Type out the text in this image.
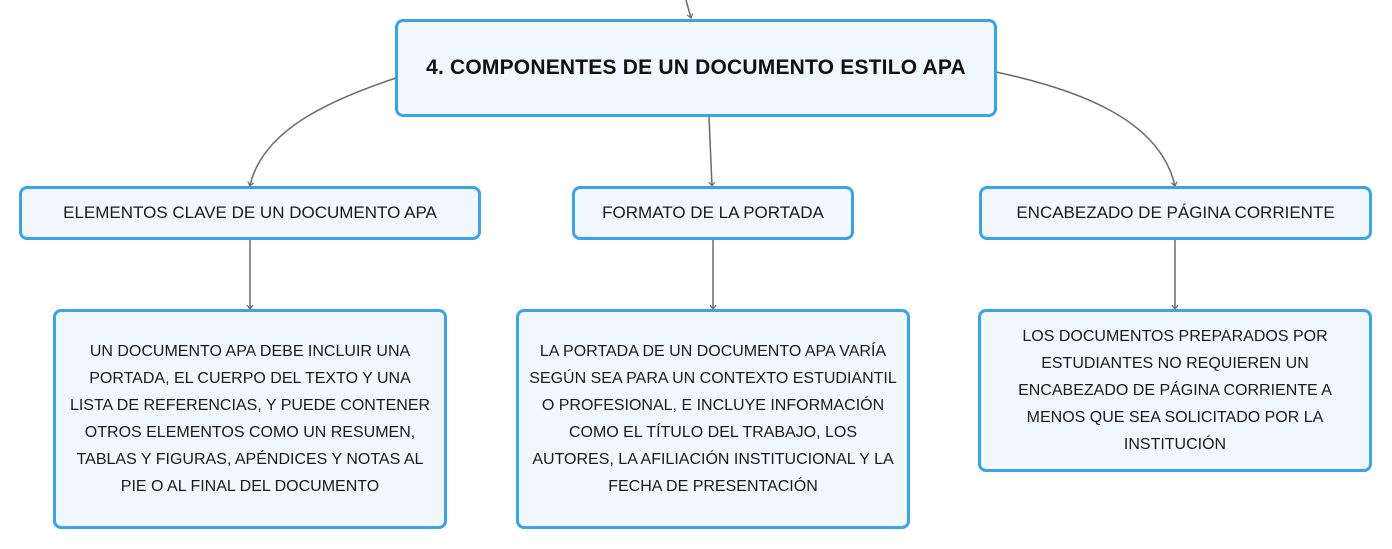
4. COMPONENTES DE UN DOCUMENTO ESTILO APA
ELEMENTOS CLAVE DE UN DOCUMENTO APA	FORMATO DE LA PORTADA	ENCABEZADO DE PÁGINA CORRIENTE
UN DOCUMENTO APA DEBE INCLUIR UNA PORTADA, EL CUERPO DEL TEXTO Y UNA LISTA DE REFERENCIAS, Y PUEDE CONTENER OTROS ELEMENTOS COMO UN RESUMEN, TABLAS Y FIGURAS, APÉNDICES Y NOTAS AL PIE O AL FINAL DEL DOCUMENTO
LA PORTADA DE UN DOCUMENTO APA VARÍA SEGÚN SEA PARA UN CONTEXTO ESTUDIANTIL O PROFESIONAL, E INCLUYE INFORMACIÓN COMO EL TÍTULO DEL TRABAJO, LOS AUTORES, LA AFILIACIÓN INSTITUCIONAL Y LA FECHA DE PRESENTACIÓN
LOS DOCUMENTOS PREPARADOS POR ESTUDIANTES NO REQUIEREN UN ENCABEZADO DE PÁGINA CORRIENTE A MENOS QUE SEA SOLICITADO POR LA INSTITUCIÓN
